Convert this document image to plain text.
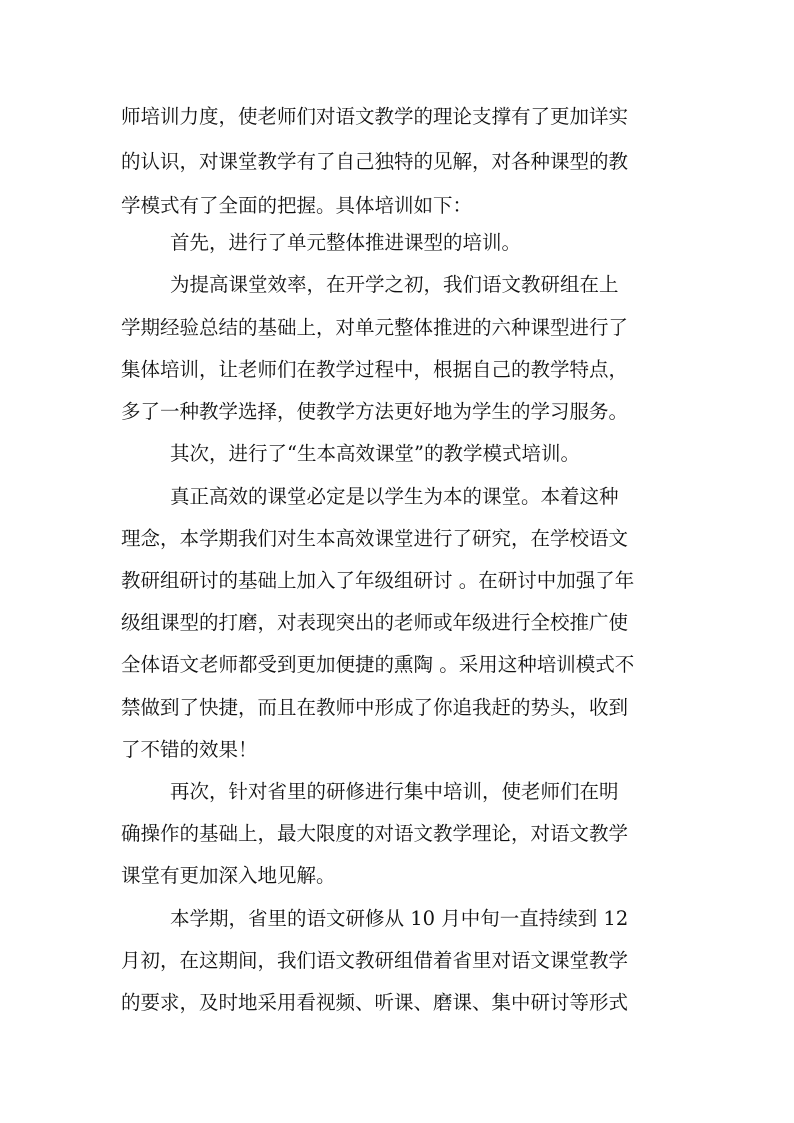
师培训力度，使老师们对语文教学的理论支撑有了更加详实
的认识，对课堂教学有了自己独特的见解，对各种课型的教
学模式有了全面的把握。具体培训如下：
首先，进行了单元整体推进课型的培训。
为提高课堂效率，在开学之初，我们语文教研组在上
学期经验总结的基础上，对单元整体推进的六种课型进行了
集体培训，让老师们在教学过程中，根据自己的教学特点，
多了一种教学选择，使教学方法更好地为学生的学习服务。
其次，进行了“生本高效课堂”的教学模式培训。
真正高效的课堂必定是以学生为本的课堂。本着这种
理念，本学期我们对生本高效课堂进行了研究，在学校语文
教研组研讨的基础上加入了年级组研讨 。在研讨中加强了年
级组课型的打磨，对表现突出的老师或年级进行全校推广使
全体语文老师都受到更加便捷的熏陶 。采用这种培训模式不
禁做到了快捷，而且在教师中形成了你追我赶的势头，收到
了不错的效果！
再次，针对省里的研修进行集中培训，使老师们在明
确操作的基础上，最大限度的对语文教学理论，对语文教学
课堂有更加深入地见解。
本学期，省里的语文研修从 10 月中旬一直持续到 12
月初，在这期间，我们语文教研组借着省里对语文课堂教学
的要求，及时地采用看视频、听课、磨课、集中研讨等形式
